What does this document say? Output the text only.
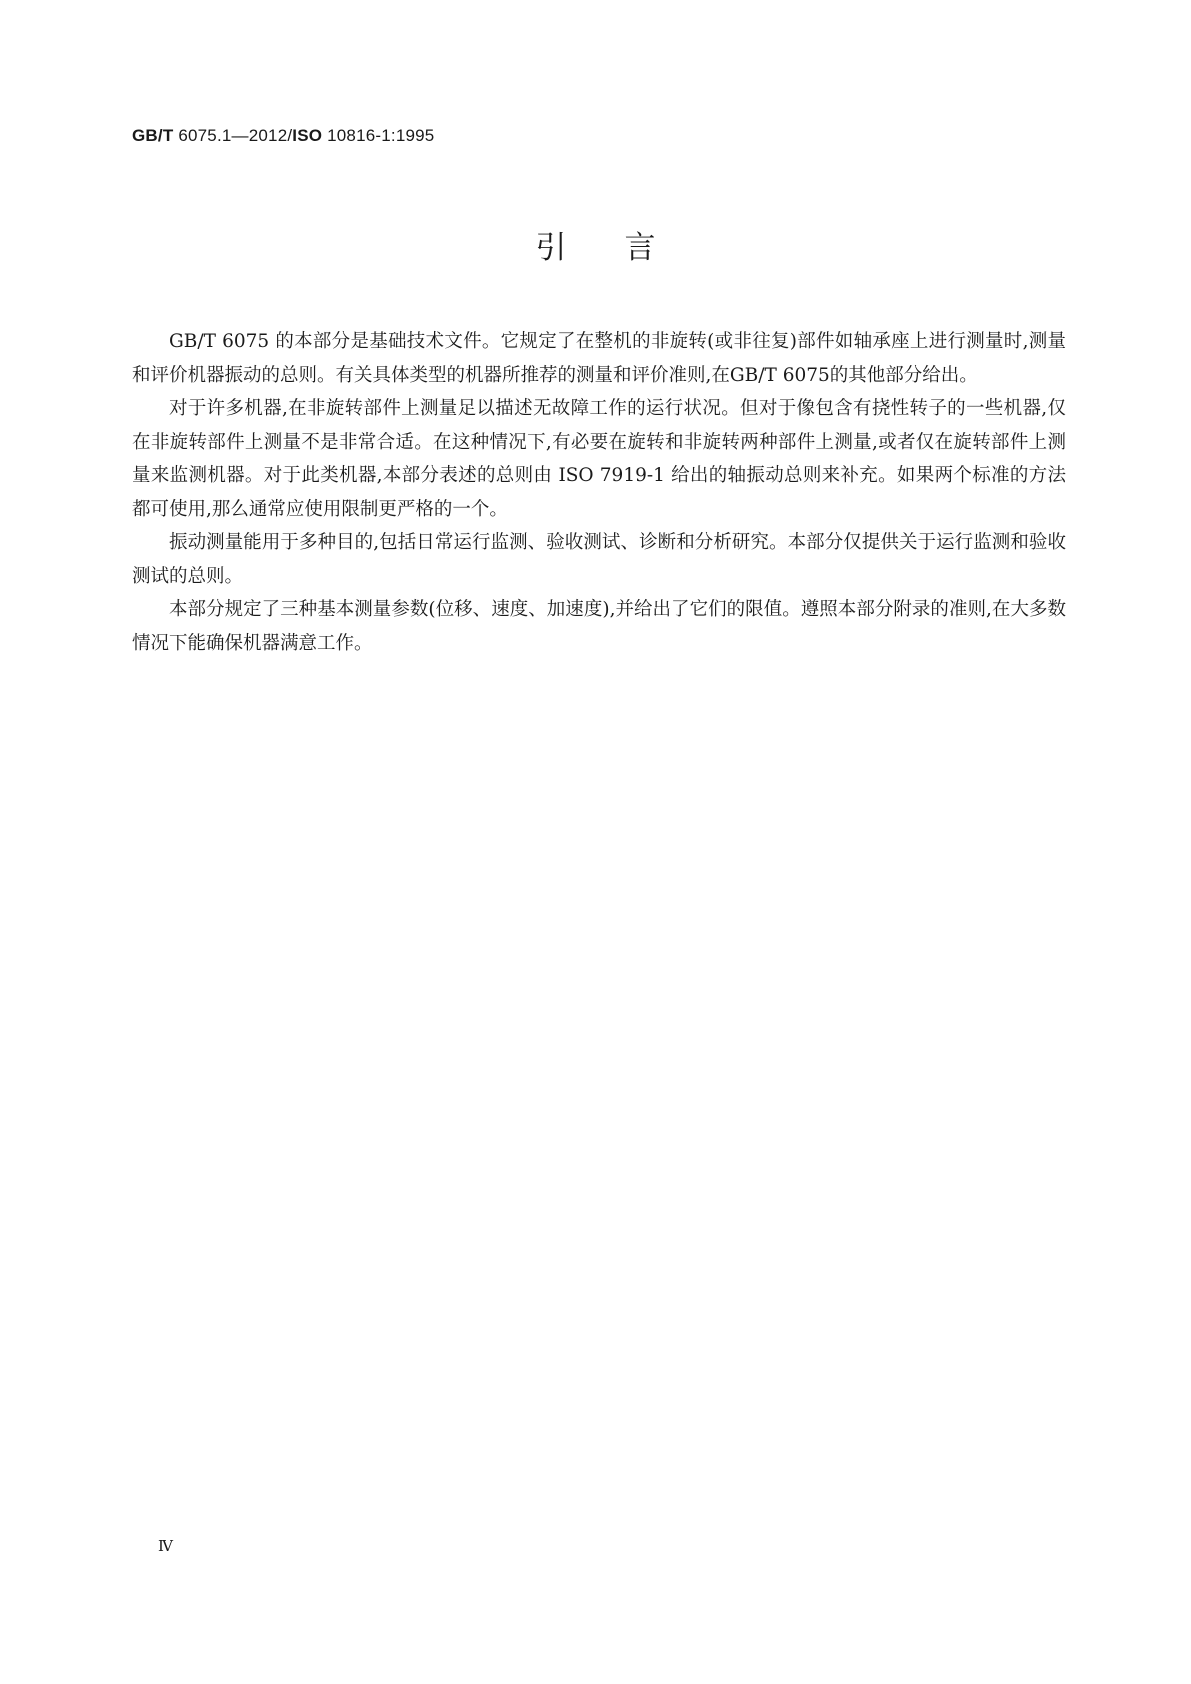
GB/T 6075.1—2012/ISO 10816-1:1995
引言

GB/T 6075 的本部分是基础技术文件。它规定了在整机的非旋转(或非往复)部件如轴承座上进行测量时,测量和评价机器振动的总则。有关具体类型的机器所推荐的测量和评价准则,在GB/T 6075的其他部分给出。

对于许多机器,在非旋转部件上测量足以描述无故障工作的运行状况。但对于像包含有挠性转子的一些机器,仅在非旋转部件上测量不是非常合适。在这种情况下,有必要在旋转和非旋转两种部件上测量,或者仅在旋转部件上测量来监测机器。对于此类机器,本部分表述的总则由 ISO 7919-1 给出的轴振动总则来补充。如果两个标准的方法都可使用,那么通常应使用限制更严格的一个。

振动测量能用于多种目的,包括日常运行监测、验收测试、诊断和分析研究。本部分仅提供关于运行监测和验收测试的总则。

本部分规定了三种基本测量参数(位移、速度、加速度),并给出了它们的限值。遵照本部分附录的准则,在大多数情况下能确保机器满意工作。

Ⅳ
